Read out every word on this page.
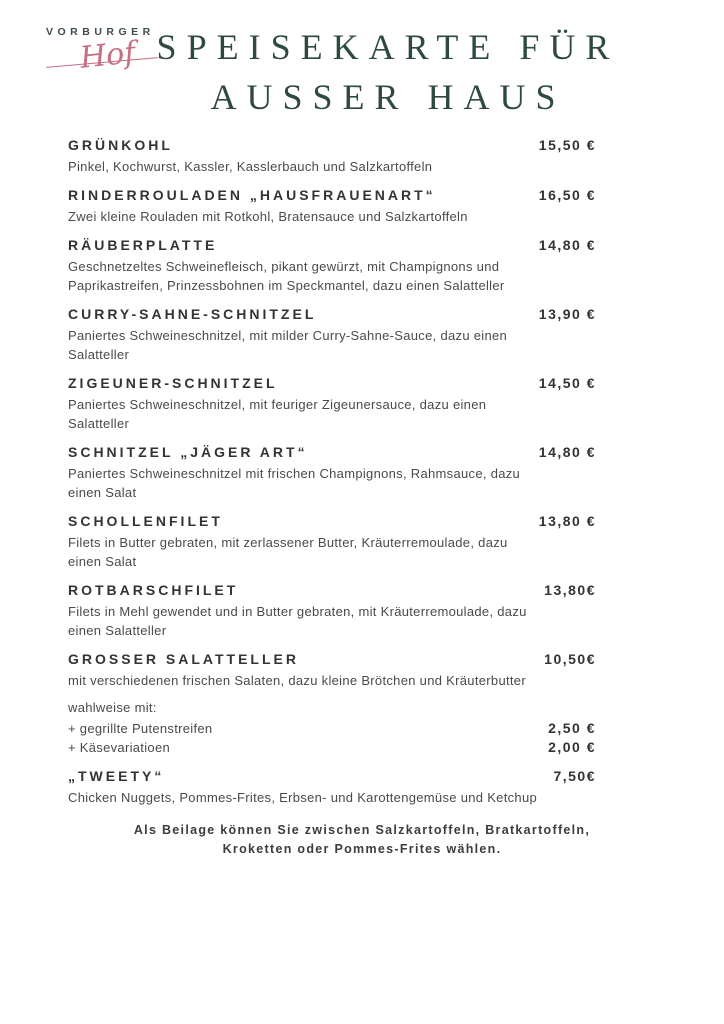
VORBURGER
Hof SPEISEKARTE FÜR
AUSSER HAUS
GRÜNKOHL	15,50 €

Pinkel, Kochwurst, Kassler, Kasslerbauch und Salzkartoffeln

RINDERROULADEN „HAUSFRAUENART“	16,50 €

Zwei kleine Rouladen mit Rotkohl, Bratensauce und Salzkartoffeln

RÄUBERPLATTE	14,80 €

Geschnetzeltes Schweinefleisch, pikant gewürzt, mit Champignons und Paprikastreifen, Prinzessbohnen im Speckmantel, dazu einen Salatteller

CURRY-SAHNE-SCHNITZEL	13,90 €

Paniertes Schweineschnitzel, mit milder Curry-Sahne-Sauce, dazu einen Salatteller

ZIGEUNER-SCHNITZEL	14,50 €

Paniertes Schweineschnitzel, mit feuriger Zigeunersauce, dazu einen Salatteller

SCHNITZEL „JÄGER ART“	14,80 €

Paniertes Schweineschnitzel mit frischen Champignons, Rahmsauce, dazu einen Salat

SCHOLLENFILET	13,80 €

Filets in Butter gebraten, mit zerlassener Butter, Kräuterremoulade, dazu einen Salat

ROTBARSCHFILET	13,80€

Filets in Mehl gewendet und in Butter gebraten, mit Kräuterremoulade, dazu einen Salatteller

GROSSER SALATTELLER	10,50€

mit verschiedenen frischen Salaten, dazu kleine Brötchen und Kräuterbutter

wahlweise mit:

+ gegrillte Putenstreifen	2,50 €
+ Käsevariatioen	2,00 €
„TWEETY“	7,50€

Chicken Nuggets, Pommes-Frites, Erbsen- und Karottengemüse und Ketchup

Als Beilage können Sie zwischen Salzkartoffeln, Bratkartoffeln,
Kroketten oder Pommes-Frites wählen.
